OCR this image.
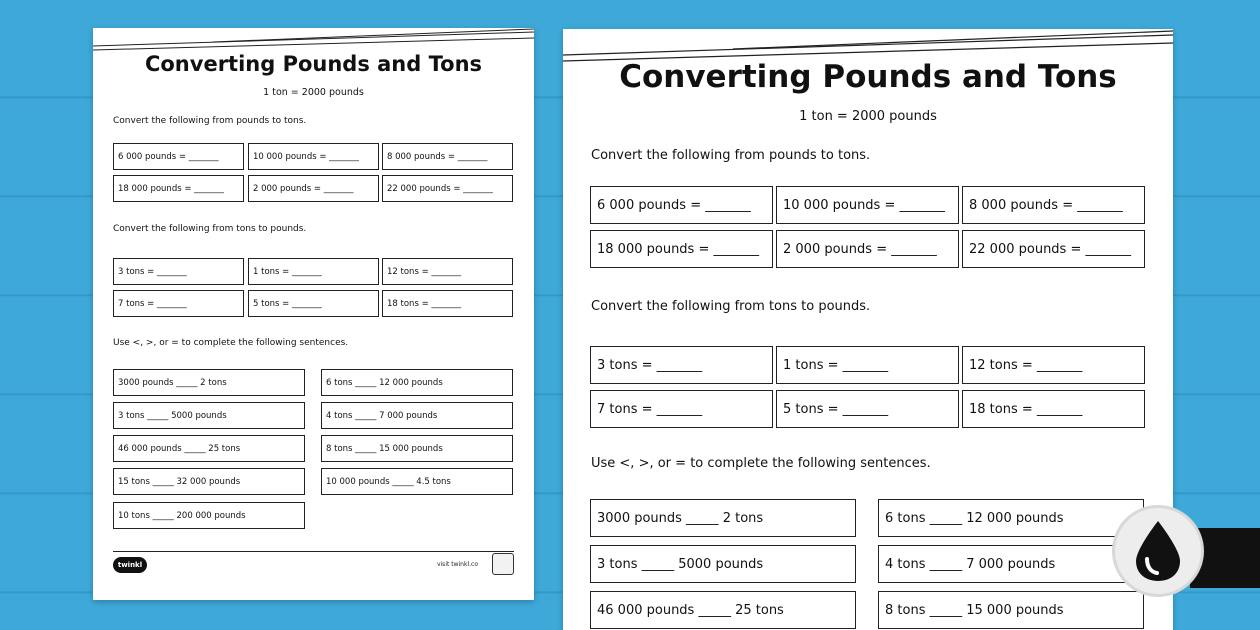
Converting Pounds and Tons
1 ton = 2000 pounds
Convert the following from pounds to tons.
6 000 pounds = _______	10 000 pounds = _______	8 000 pounds = _______
18 000 pounds = _______	2 000 pounds = _______	22 000 pounds = _______
Convert the following from tons to pounds.
3 tons = _______	1 tons = _______	12 tons = _______
7 tons = _______	5 tons = _______	18 tons = _______
Use <, >, or = to complete the following sentences.
3000 pounds _____ 2 tons	6 tons _____ 12 000 pounds
3 tons _____ 5000 pounds	4 tons _____ 7 000 pounds
46 000 pounds _____ 25 tons	8 tons _____ 15 000 pounds
15 tons _____ 32 000 pounds	10 000 pounds _____ 4.5 tons
10 tons _____ 200 000 pounds
twinkl	visit twinkl.co
Converting Pounds and Tons
1 ton = 2000 pounds
Convert the following from pounds to tons.
6 000 pounds = _______	10 000 pounds = _______	8 000 pounds = _______
18 000 pounds = _______	2 000 pounds = _______	22 000 pounds = _______
Convert the following from tons to pounds.
3 tons = _______	1 tons = _______	12 tons = _______
7 tons = _______	5 tons = _______	18 tons = _______
Use <, >, or = to complete the following sentences.
3000 pounds _____ 2 tons	6 tons _____ 12 000 pounds
3 tons _____ 5000 pounds	4 tons _____ 7 000 pounds
46 000 pounds _____ 25 tons	8 tons _____ 15 000 pounds
